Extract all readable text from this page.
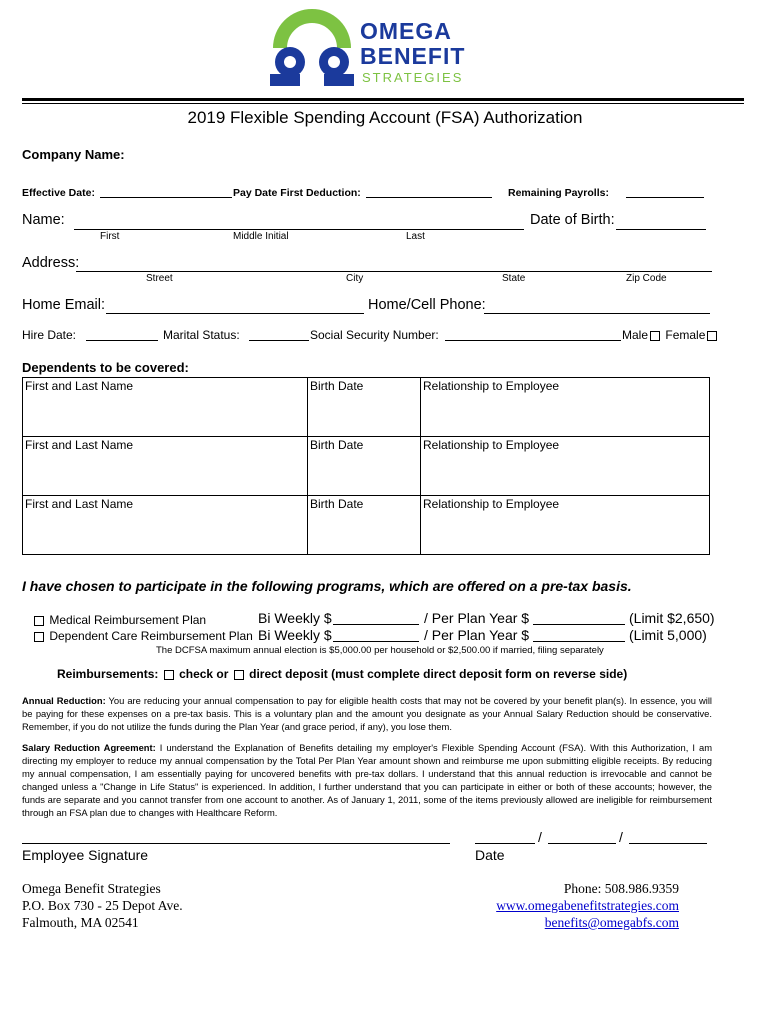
OMEGA
BENEFIT
STRATEGIES
2019 Flexible Spending Account (FSA) Authorization
Company Name:
Effective Date:	Pay Date First Deduction:	Remaining Payrolls:
Name:	Date of Birth:
First	Middle Initial	Last
Address:
Street	City	State	Zip Code
Home Email:	Home/Cell Phone:
Hire Date:	Marital Status:	Social Security Number:	Male Female
Dependents to be covered:
First and Last Name	Birth Date	Relationship to Employee
First and Last Name	Birth Date	Relationship to Employee
First and Last Name	Birth Date	Relationship to Employee
I have chosen to participate in the following programs, which are offered on a pre-tax basis.
Medical Reimbursement Plan	Bi Weekly $	/ Per Plan Year $	(Limit $2,650)
Dependent Care Reimbursement Plan Bi Weekly $	/ Per Plan Year $	(Limit 5,000)
The DCFSA maximum annual election is $5,000.00 per household or $2,500.00 if married, filing separately
Reimbursements: check or direct deposit (must complete direct deposit form on reverse side)
Annual Reduction: You are reducing your annual compensation to pay for eligible health costs that may not be covered by your benefit plan(s). In essence, you will be paying for these expenses on a pre-tax basis. This is a voluntary plan and the amount you designate as your Annual Salary Reduction should be conservative. Remember, if you do not utilize the funds during the Plan Year (and grace period, if any), you lose them.
Salary Reduction Agreement: I understand the Explanation of Benefits detailing my employer's Flexible Spending Account (FSA). With this Authorization, I am directing my employer to reduce my annual compensation by the Total Per Plan Year amount shown and reimburse me upon submitting eligible receipts. By reducing my annual compensation, I am essentially paying for uncovered benefits with pre-tax dollars. I understand that this annual reduction is irrevocable and cannot be changed unless a "Change in Life Status" is experienced. In addition, I further understand that you can participate in either or both of these accounts; however, the funds are separate and you cannot transfer from one account to another. As of January 1, 2011, some of the items previously allowed are ineligible for reimbursement through an FSA plan due to changes with Healthcare Reform.
Employee Signature
/	/
Date
Omega Benefit Strategies
P.O. Box 730 - 25 Depot Ave.
Falmouth, MA 02541
Phone: 508.986.9359
www.omegabenefitstrategies.com
benefits@omegabfs.com
